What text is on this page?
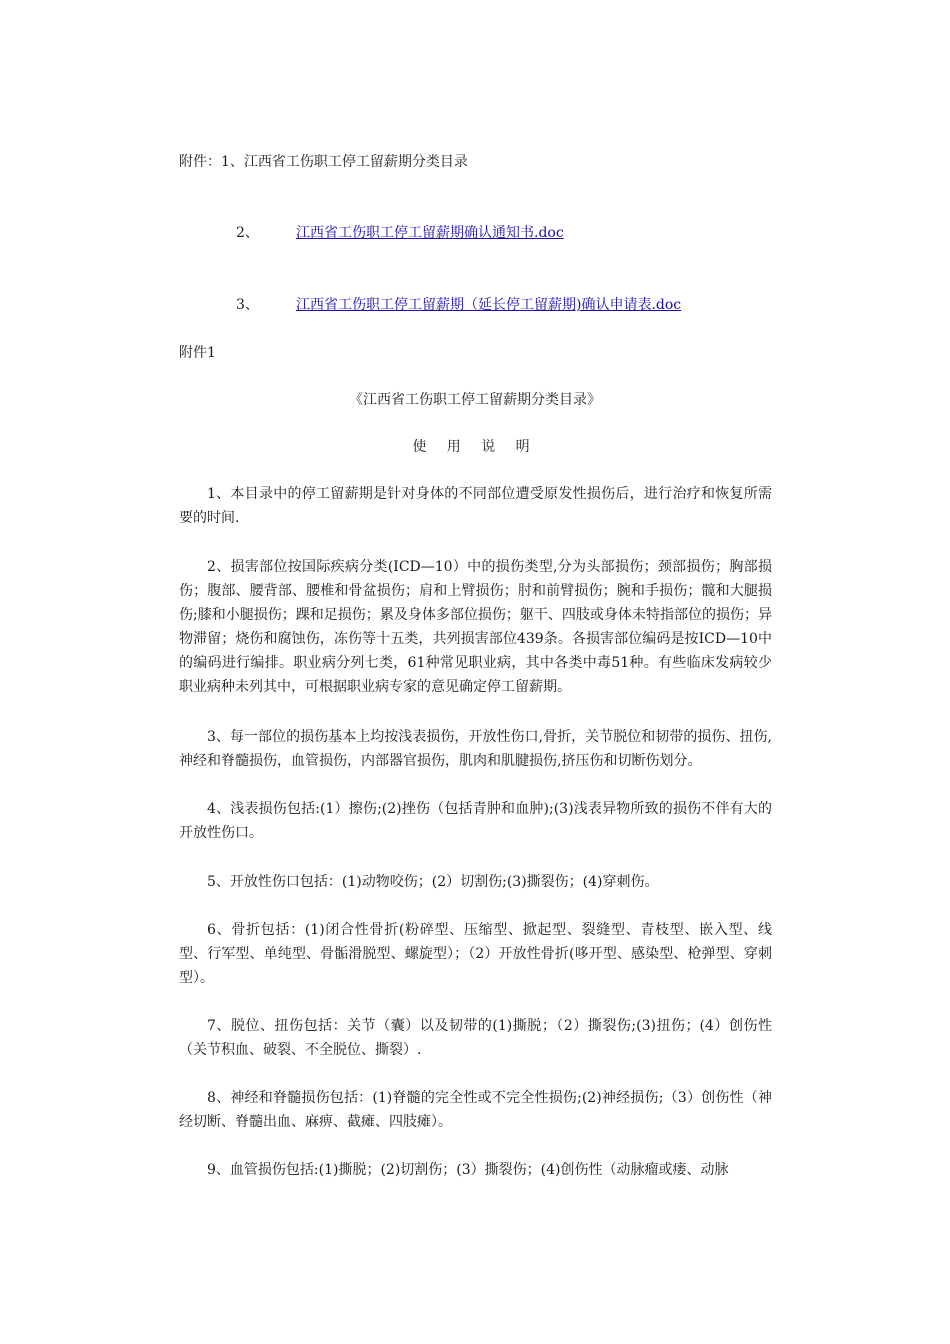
附件：1、江西省工伤职工停工留薪期分类目录
2、	江西省工伤职工停工留薪期确认通知书.doc
3、	江西省工伤职工停工留薪期（延长停工留薪期)确认申请表.doc
附件1
《江西省工伤职工停工留薪期分类目录》
使 用 说 明
1、本目录中的停工留薪期是针对身体的不同部位遭受原发性损伤后，进行治疗和恢复所需要的时间.
2、损害部位按国际疾病分类(ICD—10）中的损伤类型,分为头部损伤；颈部损伤；胸部损伤；腹部、腰背部、腰椎和骨盆损伤；肩和上臂损伤；肘和前臂损伤；腕和手损伤；髋和大腿损伤;膝和小腿损伤；踝和足损伤；累及身体多部位损伤；躯干、四肢或身体未特指部位的损伤；异物滞留；烧伤和腐蚀伤，冻伤等十五类，共列损害部位439条。各损害部位编码是按ICD—10中的编码进行编排。职业病分列七类，61种常见职业病，其中各类中毒51种。有些临床发病较少职业病种未列其中，可根据职业病专家的意见确定停工留薪期。
3、每一部位的损伤基本上均按浅表损伤，开放性伤口,骨折，关节脱位和韧带的损伤、扭伤,神经和脊髓损伤，血管损伤，内部器官损伤，肌肉和肌腱损伤,挤压伤和切断伤划分。
4、浅表损伤包括:(1）擦伤;(2)挫伤（包括青肿和血肿);(3)浅表异物所致的损伤不伴有大的开放性伤口。
5、开放性伤口包括：(1)动物咬伤；(2）切割伤;(3)撕裂伤；(4)穿刺伤。
6、骨折包括：(1)闭合性骨折(粉碎型、压缩型、掀起型、裂缝型、青枝型、嵌入型、线型、行军型、单纯型、骨骺滑脱型、螺旋型）；（2）开放性骨折(哆开型、感染型、枪弹型、穿刺型）。
7、脱位、扭伤包括：关节（囊）以及韧带的(1)撕脱；（2）撕裂伤;(3)扭伤；(4）创伤性（关节积血、破裂、不全脱位、撕裂）.
8、神经和脊髓损伤包括：(1)脊髓的完全性或不完全性损伤;(2)神经损伤;（3）创伤性（神经切断、脊髓出血、麻痹、截瘫、四肢瘫）。
9、血管损伤包括:(1)撕脱；(2)切割伤；(3）撕裂伤；(4)创伤性（动脉瘤或瘘、动脉
